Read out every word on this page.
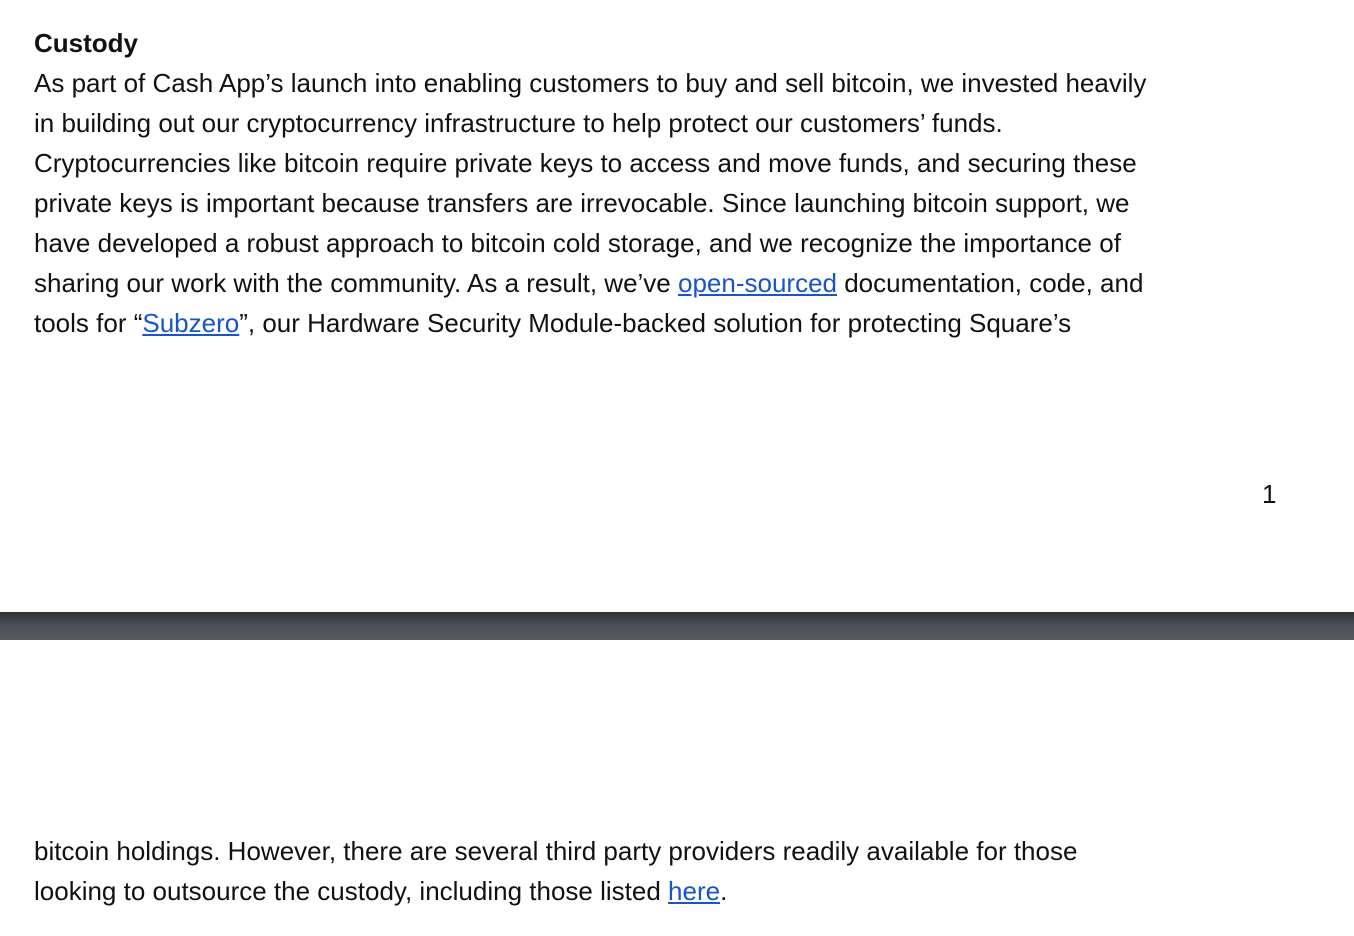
Custody

As part of Cash App’s launch into enabling customers to buy and sell bitcoin, we invested heavily
in building out our cryptocurrency infrastructure to help protect our customers’ funds.
Cryptocurrencies like bitcoin require private keys to access and move funds, and securing these
private keys is important because transfers are irrevocable. Since launching bitcoin support, we
have developed a robust approach to bitcoin cold storage, and we recognize the importance of
sharing our work with the community. As a result, we’ve open-sourced documentation, code, and
tools for “Subzero”, our Hardware Security Module-backed solution for protecting Square’s

1

bitcoin holdings. However, there are several third party providers readily available for those
looking to outsource the custody, including those listed here.
